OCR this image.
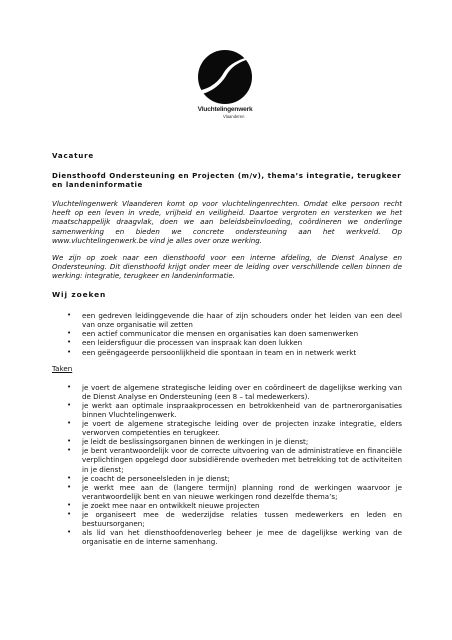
Vluchtelingenwerk
Vlaanderen
Vacature
Diensthoofd Ondersteuning en Projecten (m/v), thema’s integratie, terugkeer en landeninformatie

Vluchtelingenwerk Vlaanderen komt op voor vluchtelingenrechten. Omdat elke persoon recht heeft op een leven in vrede, vrijheid en veiligheid. Daartoe vergroten en versterken we het maatschappelijk draagvlak, doen we aan beleidsbeïnvloeding, coördineren we onderlinge samenwerking en bieden we concrete ondersteuning aan het werkveld. Op www.vluchtelingenwerk.be vind je alles over onze werking.

We zijn op zoek naar een diensthoofd voor een interne afdeling, de Dienst Analyse en Ondersteuning. Dit diensthoofd krijgt onder meer de leiding over verschillende cellen binnen de werking: integratie, terugkeer en landeninformatie.

Wij zoeken
• een gedreven leidinggevende die haar of zijn schouders onder het leiden van een deel van onze organisatie wil zetten
• een actief communicator die mensen en organisaties kan doen samenwerken
• een leidersfiguur die processen van inspraak kan doen lukken
• een geëngageerde persoonlijkheid die spontaan in team en in netwerk werkt
Taken
• je voert de algemene strategische leiding over en coördineert de dagelijkse werking van de Dienst Analyse en Ondersteuning (een 8 – tal medewerkers).
• je werkt aan optimale inspraakprocessen en betrokkenheid van de partnerorganisaties binnen Vluchtelingenwerk.
• je voert de algemene strategische leiding over de projecten inzake integratie, elders verworven competenties en terugkeer.
• je leidt de beslissingsorganen binnen de werkingen in je dienst;
• je bent verantwoordelijk voor de correcte uitvoering van de administratieve en financiële verplichtingen opgelegd door subsidiërende overheden met betrekking tot de activiteiten in je dienst;
• je coacht de personeelsleden in je dienst;
• je werkt mee aan de (langere termijn) planning rond de werkingen waarvoor je verantwoordelijk bent en van nieuwe werkingen rond dezelfde thema’s;
• je zoekt mee naar en ontwikkelt nieuwe projecten
• je organiseert mee de wederzijdse relaties tussen medewerkers en leden en bestuursorganen;
• als lid van het diensthoofdenoverleg beheer je mee de dagelijkse werking van de organisatie en de interne samenhang.
